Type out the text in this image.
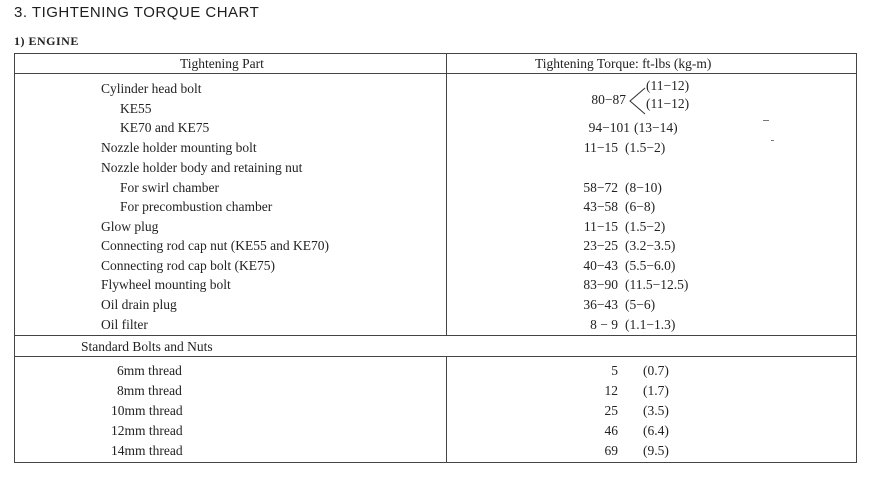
3. TIGHTENING TORQUE CHART
1) ENGINE
Tightening Part	Tightening Torque: ft-lbs (kg-m)
Cylinder head bolt
KE55
KE70 and KE75
Nozzle holder mounting bolt
Nozzle holder body and retaining nut
For swirl chamber
For precombustion chamber
Glow plug
Connecting rod cap nut (KE55 and KE70)
Connecting rod cap bolt (KE75)
Flywheel mounting bolt
Oil drain plug
Oil filter
80−87
(11−12)
(11−12)
94−101 (13−14)
11−15 (1.5−2)
58−72 (8−10)
43−58 (6−8)
11−15 (1.5−2)
23−25 (3.2−3.5)
40−43 (5.5−6.0)
83−90 (11.5−12.5)
36−43 (5−6)
8 − 9 (1.1−1.3)
Standard Bolts and Nuts
6mm thread
8mm thread
10mm thread
12mm thread
14mm thread
5 (0.7)
12 (1.7)
25 (3.5)
46 (6.4)
69 (9.5)
